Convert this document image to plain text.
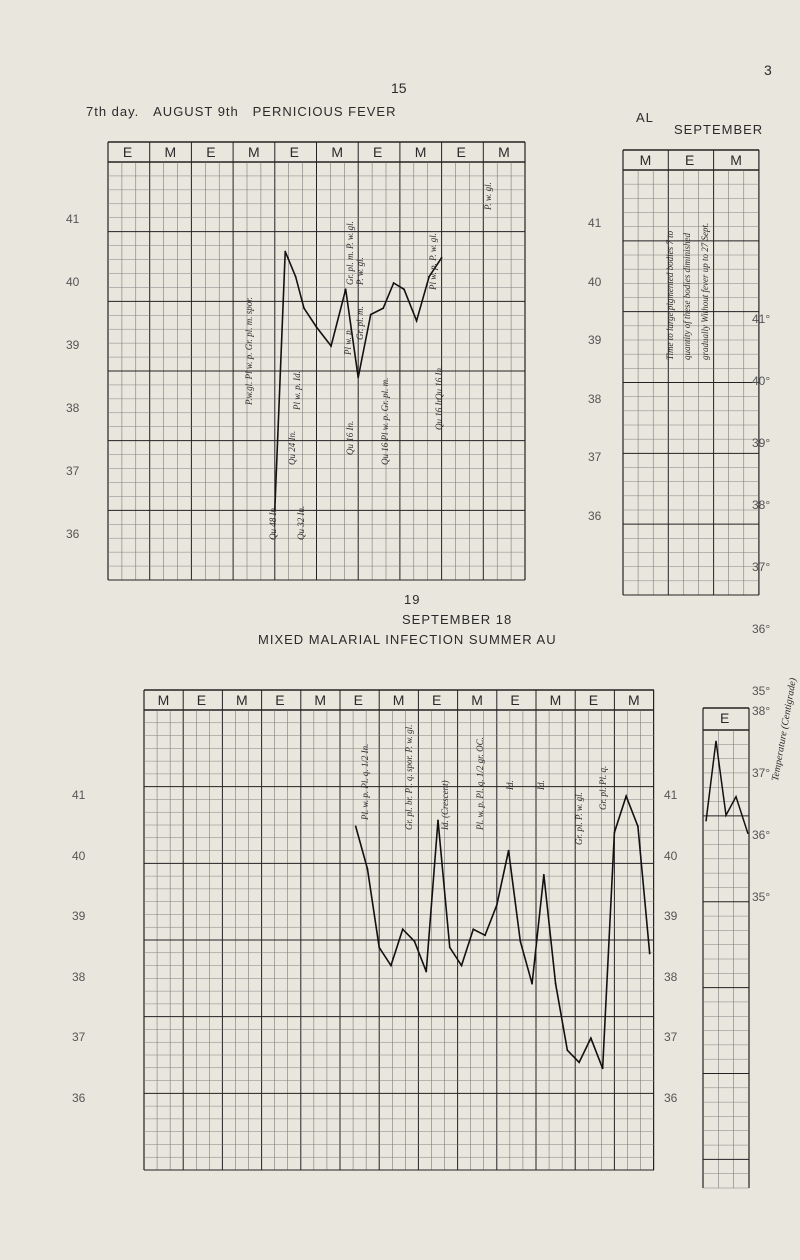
15
3
Temperature (Centigrade)
7th day. AUGUST 9th PERNICIOUS FEVER	AL
SEPTEMBER
19
SEPTEMBER 18
MIXED MALARIAL INFECTION SUMMER AU
E M E M E M E M E M
41
40
39
38
37
36
P.w.gl. Pl w. p. Gr. pl. m. spor.	Pl w. p. Id.
Qu 48 In.
Qu 24 In.
Qu 32 In.
Gr. pl. m. P. w. gl.
Pl w. p.
Qu 16 In.
P. w. gl.
Gr. pl. m.
Qu 16 Pl w. p. Gr. pl. m.	Qu 16 In.
Pl w. p. P. w. gl.
P. w. gl.
Qu 16 In.
M E	M
41
40
39
38
37
36
Time to large pigmented bodies 7 to quantity of these bodies diminished gradually Without fever up to 27 Sept.
M E M E M E M E M E M E M
41
40
39
38
37
36
41
40
39
38
37
36
Pl. w. p. Pl. q. 1/2 In.	Gr. pl. br. Pl. q. spor. P. w. gl.	Id. (Crescent)	Pl. w. p. Pl. q. 1/2 gr. OC. Id. Id.
Gr. pl. P. w. gl.
Gr. pl. Pl. q.
E 38°
37°
36°
35°
41°
40°
39°
38°
37°
36°
35°
